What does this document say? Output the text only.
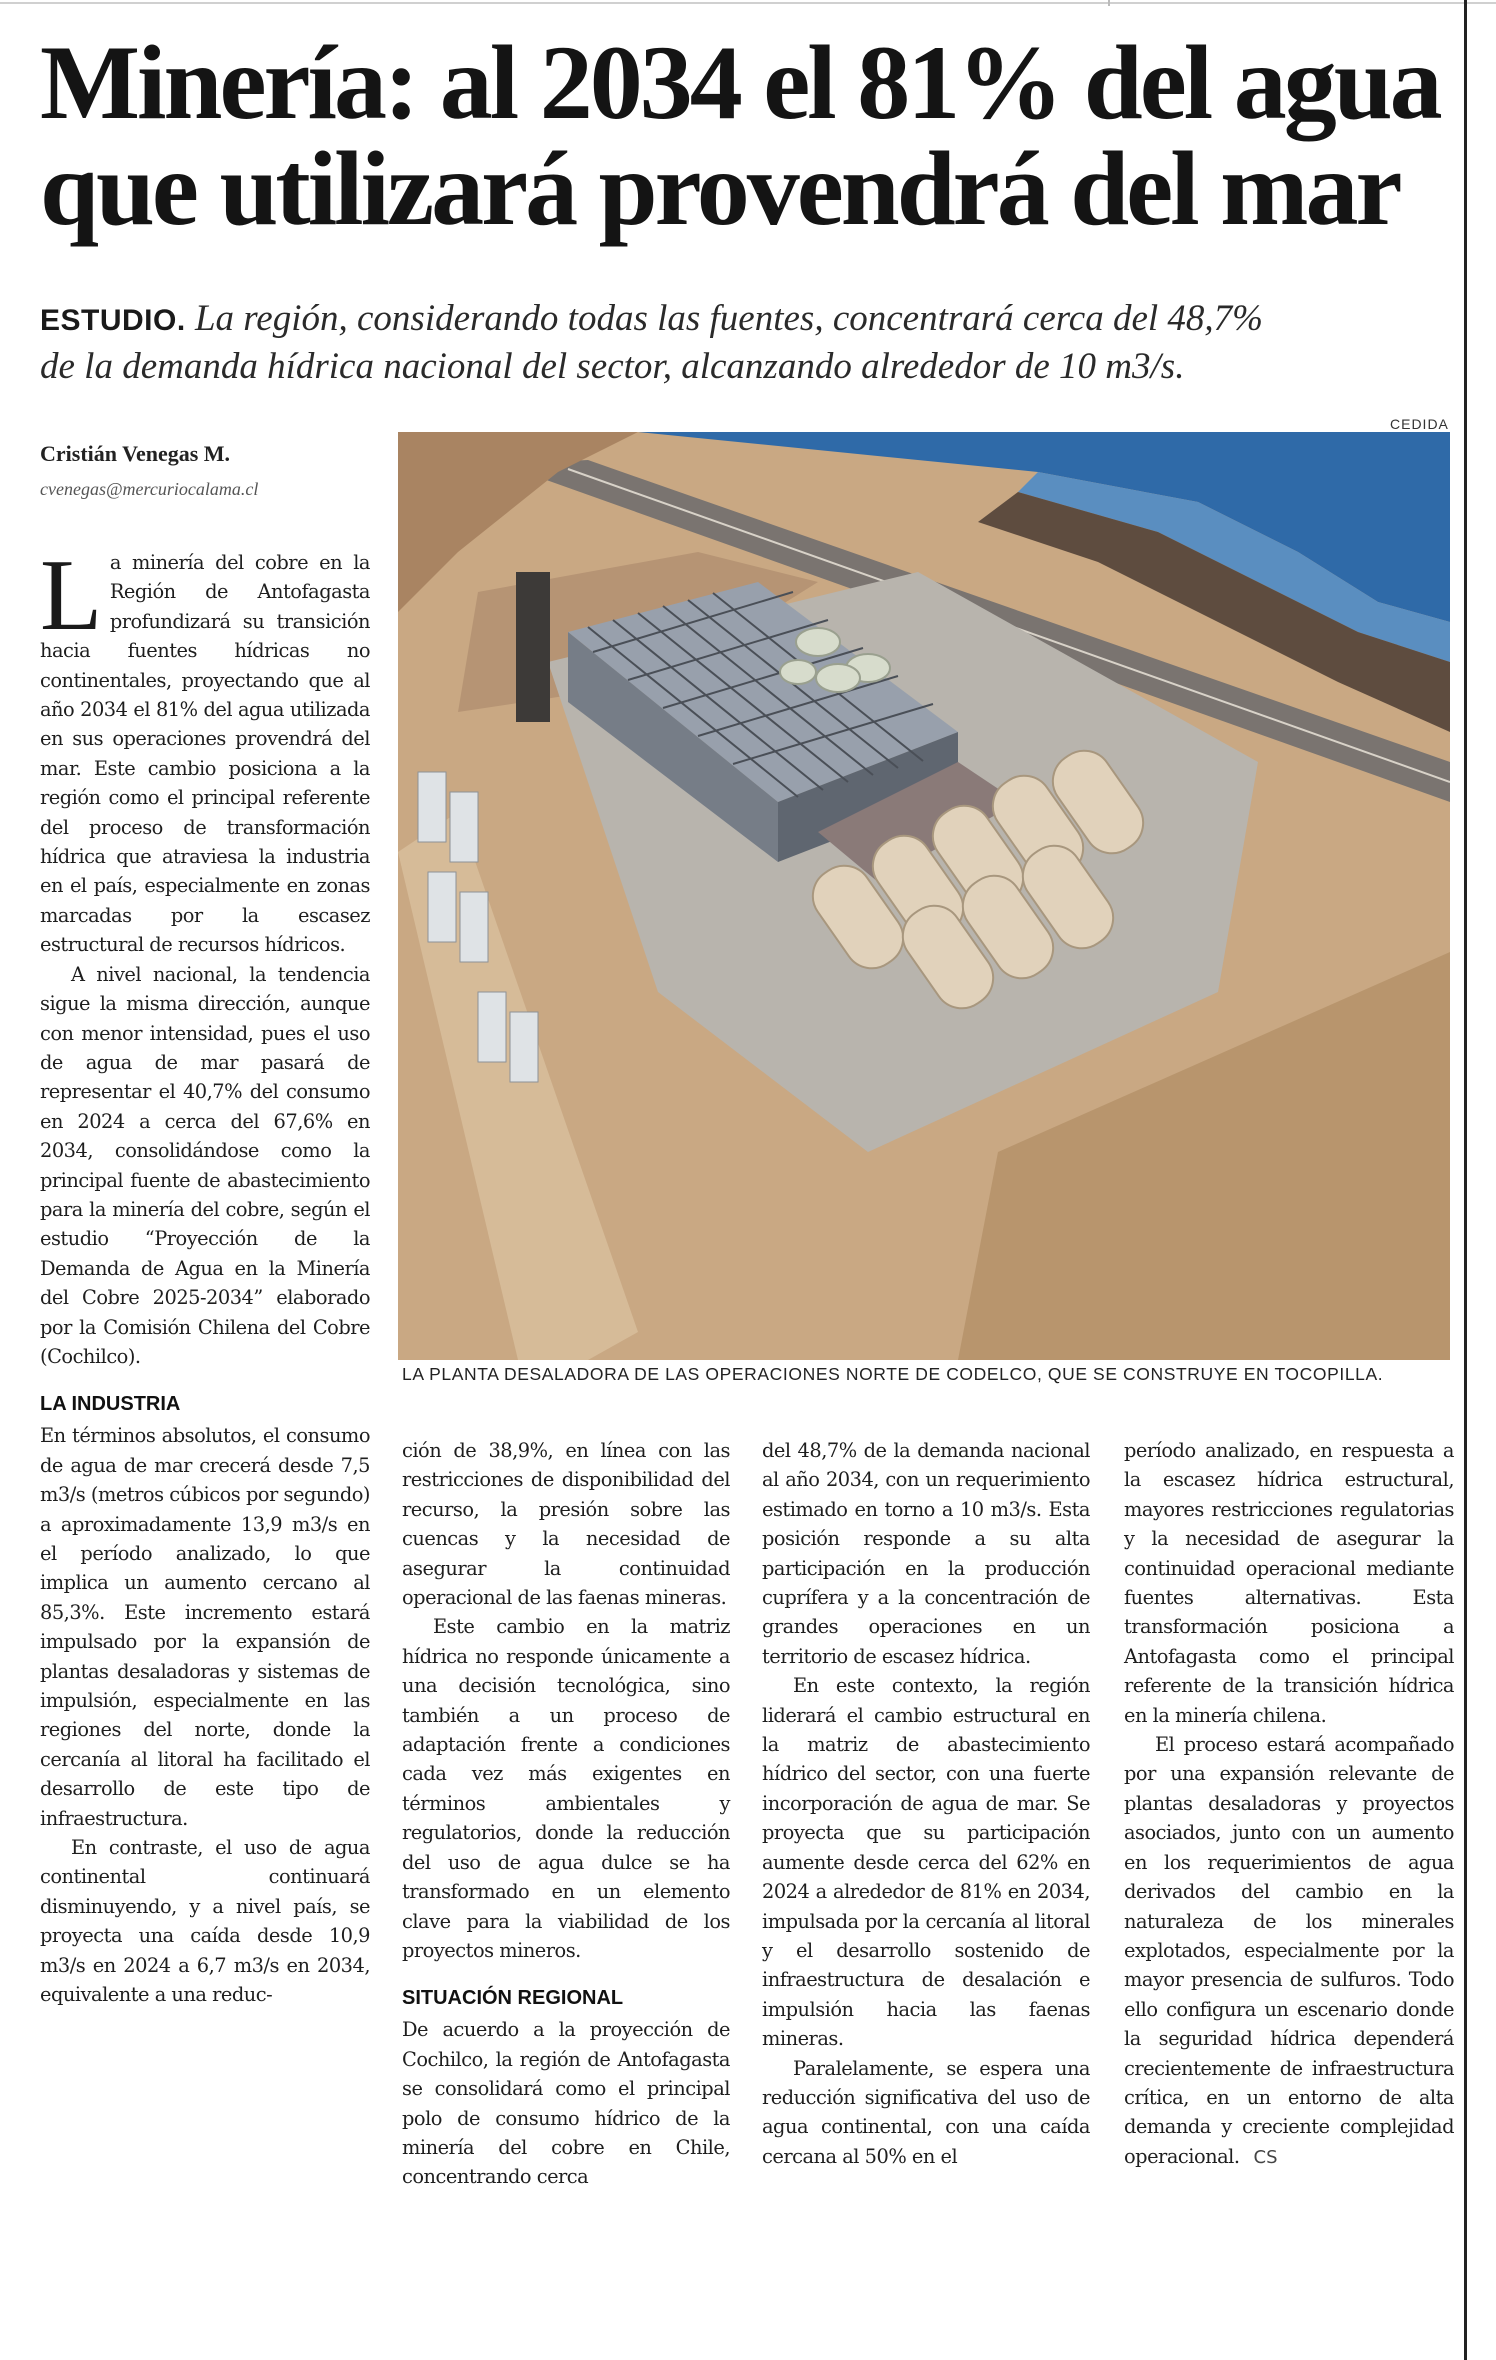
Minería: al 2034 el 81% del agua
que utilizará provendrá del mar
ESTUDIO. La región, considerando todas las fuentes, concentrará cerca del 48,7%
de la demanda hídrica nacional del sector, alcanzando alrededor de 10 m3/s.
Cristián Venegas M.
cvenegas@mercuriocalama.cl
CEDIDA
LA PLANTA DESALADORA DE LAS OPERACIONES NORTE DE CODELCO, QUE SE CONSTRUYE EN TOCOPILLA.

La minería del cobre en la Región de Antofagasta profundizará su transición hacia fuentes hídricas no continentales, proyectando que al año 2034 el 81% del agua utilizada en sus operaciones provendrá del mar. Este cambio posiciona a la región como el principal referente del proceso de transformación hídrica que atraviesa la industria en el país, especialmente en zonas marcadas por la escasez estructural de recursos hídricos.

A nivel nacional, la tendencia sigue la misma dirección, aunque con menor intensidad, pues el uso de agua de mar pasará de representar el 40,7% del consumo en 2024 a cerca del 67,6% en 2034, consolidándose como la principal fuente de abastecimiento para la minería del cobre, según el estudio “Proyección de la Demanda de Agua en la Minería del Cobre 2025-2034” elaborado por la Comisión Chilena del Cobre (Cochilco).

LA INDUSTRIA

En términos absolutos, el consumo de agua de mar crecerá desde 7,5 m3/s (metros cúbicos por segundo) a aproximadamente 13,9 m3/s en el período analizado, lo que implica un aumento cercano al 85,3%. Este incremento estará impulsado por la expansión de plantas desaladoras y sistemas de impulsión, especialmente en las regiones del norte, donde la cercanía al litoral ha facilitado el desarrollo de este tipo de infraestructura.

En contraste, el uso de agua continental continuará disminuyendo, y a nivel país, se proyecta una caída desde 10,9 m3/s en 2024 a 6,7 m3/s en 2034, equivalente a una reduc-

ción de 38,9%, en línea con las restricciones de disponibilidad del recurso, la presión sobre las cuencas y la necesidad de asegurar la continuidad operacional de las faenas mineras.

Este cambio en la matriz hídrica no responde únicamente a una decisión tecnológica, sino también a un proceso de adaptación frente a condiciones cada vez más exigentes en términos ambientales y regulatorios, donde la reducción del uso de agua dulce se ha transformado en un elemento clave para la viabilidad de los proyectos mineros.

SITUACIÓN REGIONAL

De acuerdo a la proyección de Cochilco, la región de Antofagasta se consolidará como el principal polo de consumo hídrico de la minería del cobre en Chile, concentrando cerca

del 48,7% de la demanda nacional al año 2034, con un requerimiento estimado en torno a 10 m3/s. Esta posición responde a su alta participación en la producción cuprífera y a la concentración de grandes operaciones en un territorio de escasez hídrica.

En este contexto, la región liderará el cambio estructural en la matriz de abastecimiento hídrico del sector, con una fuerte incorporación de agua de mar. Se proyecta que su participación aumente desde cerca del 62% en 2024 a alrededor de 81% en 2034, impulsada por la cercanía al litoral y el desarrollo sostenido de infraestructura de desalación e impulsión hacia las faenas mineras.

Paralelamente, se espera una reducción significativa del uso de agua continental, con una caída cercana al 50% en el

período analizado, en respuesta a la escasez hídrica estructural, mayores restricciones regulatorias y la necesidad de asegurar la continuidad operacional mediante fuentes alternativas. Esta transformación posiciona a Antofagasta como el principal referente de la transición hídrica en la minería chilena.

El proceso estará acompañado por una expansión relevante de plantas desaladoras y proyectos asociados, junto con un aumento en los requerimientos de agua derivados del cambio en la naturaleza de los minerales explotados, especialmente por la mayor presencia de sulfuros. Todo ello configura un escenario donde la seguridad hídrica dependerá crecientemente de infraestructura crítica, en un entorno de alta demanda y creciente complejidad operacional. CS
